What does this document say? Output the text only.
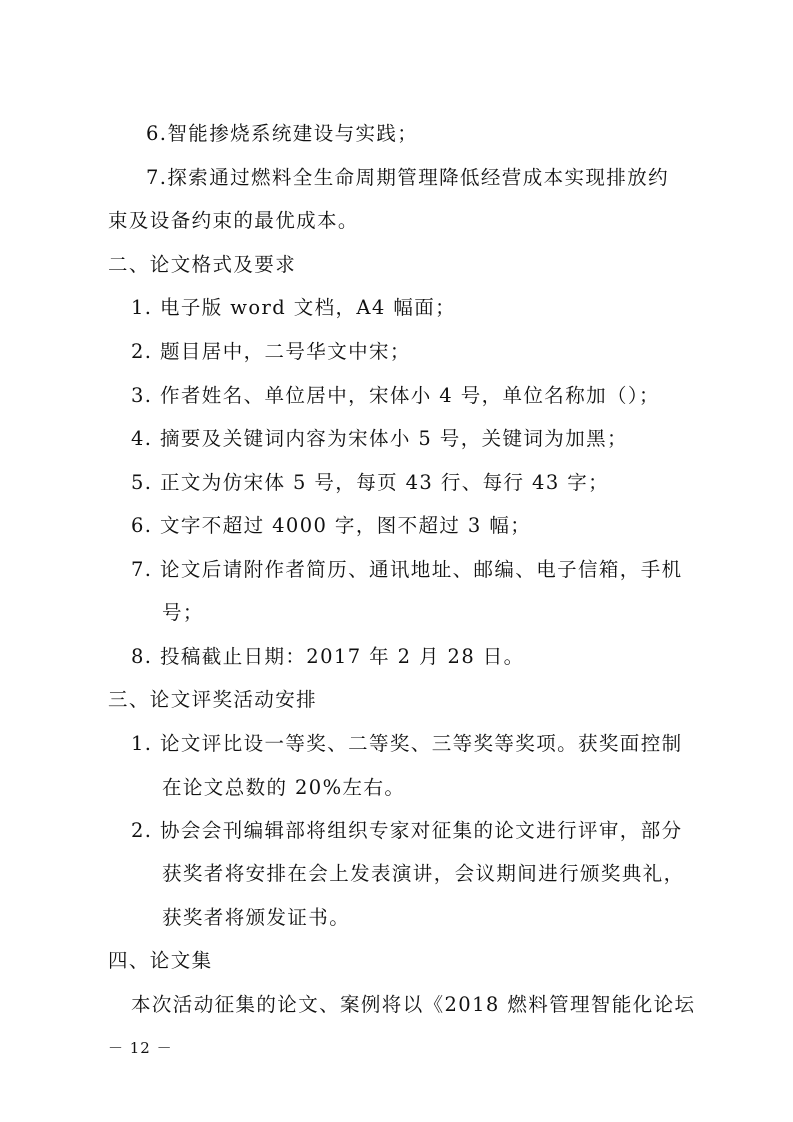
6.智能掺烧系统建设与实践；
7.探索通过燃料全生命周期管理降低经营成本实现排放约
束及设备约束的最优成本。
二、论文格式及要求
1. 电子版 word 文档，A4 幅面；
2. 题目居中，二号华文中宋；
3. 作者姓名、单位居中，宋体小 4 号，单位名称加（）；
4. 摘要及关键词内容为宋体小 5 号，关键词为加黑；
5. 正文为仿宋体 5 号，每页 43 行、每行 43 字；
6. 文字不超过 4000 字，图不超过 3 幅；
7. 论文后请附作者简历、通讯地址、邮编、电子信箱，手机
号；
8. 投稿截止日期：2017 年 2 月 28 日。
三、论文评奖活动安排
1. 论文评比设一等奖、二等奖、三等奖等奖项。获奖面控制
在论文总数的 20%左右。
2. 协会会刊编辑部将组织专家对征集的论文进行评审，部分
获奖者将安排在会上发表演讲，会议期间进行颁奖典礼，
获奖者将颁发证书。
四、论文集
本次活动征集的论文、案例将以《2018 燃料管理智能化论坛
－ 12 －
